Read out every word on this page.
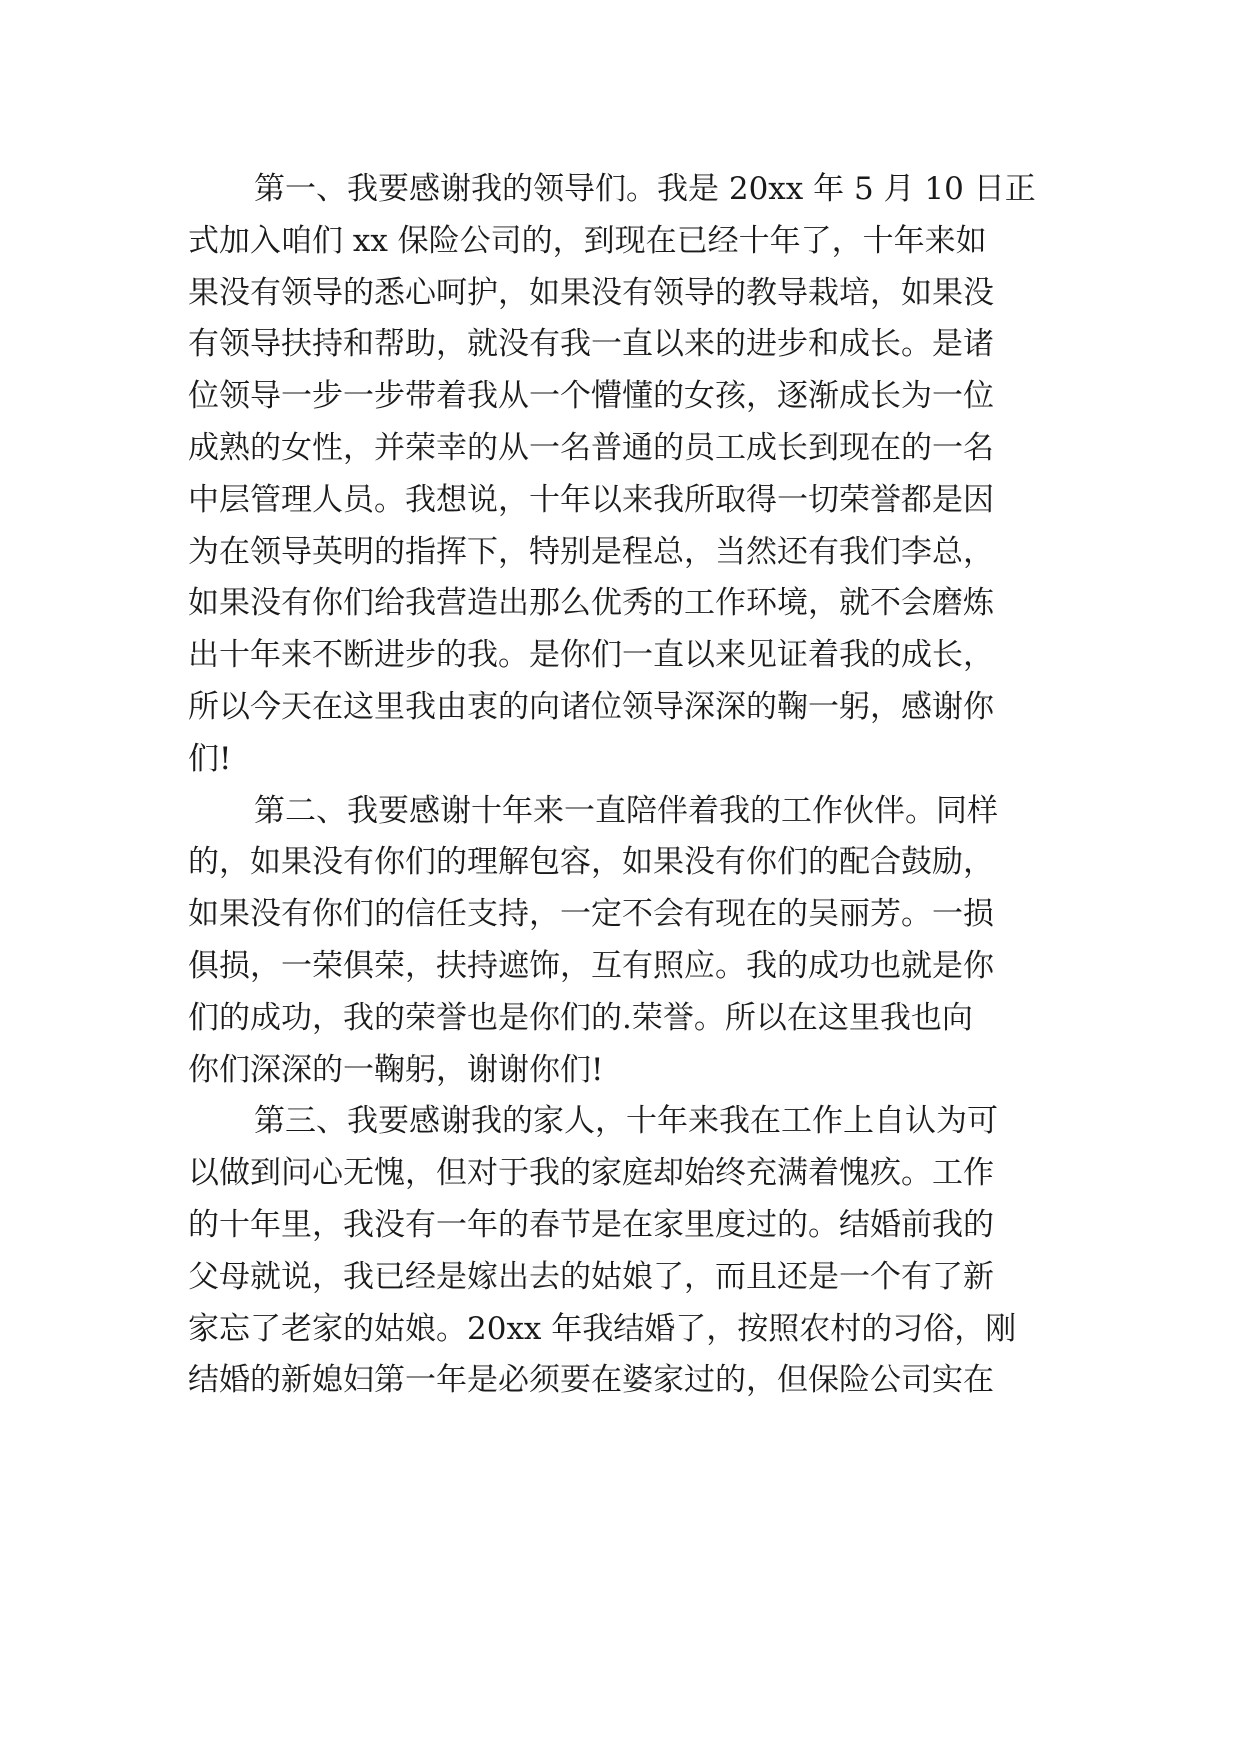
第一、我要感谢我的领导们。我是 20xx 年 5 月 10 日正
式加入咱们 xx 保险公司的，到现在已经十年了，十年来如
果没有领导的悉心呵护，如果没有领导的教导栽培，如果没
有领导扶持和帮助，就没有我一直以来的进步和成长。是诸
位领导一步一步带着我从一个懵懂的女孩，逐渐成长为一位
成熟的女性，并荣幸的从一名普通的员工成长到现在的一名
中层管理人员。我想说，十年以来我所取得一切荣誉都是因
为在领导英明的指挥下，特别是程总，当然还有我们李总，
如果没有你们给我营造出那么优秀的工作环境，就不会磨炼
出十年来不断进步的我。是你们一直以来见证着我的成长，
所以今天在这里我由衷的向诸位领导深深的鞠一躬，感谢你
们!
第二、我要感谢十年来一直陪伴着我的工作伙伴。同样
的，如果没有你们的理解包容，如果没有你们的配合鼓励，
如果没有你们的信任支持，一定不会有现在的吴丽芳。一损
俱损，一荣俱荣，扶持遮饰，互有照应。我的成功也就是你
们的成功，我的荣誉也是你们的.荣誉。所以在这里我也向
你们深深的一鞠躬，谢谢你们!
第三、我要感谢我的家人，十年来我在工作上自认为可
以做到问心无愧，但对于我的家庭却始终充满着愧疚。工作
的十年里，我没有一年的春节是在家里度过的。结婚前我的
父母就说，我已经是嫁出去的姑娘了，而且还是一个有了新
家忘了老家的姑娘。20xx 年我结婚了，按照农村的习俗，刚
结婚的新媳妇第一年是必须要在婆家过的，但保险公司实在
